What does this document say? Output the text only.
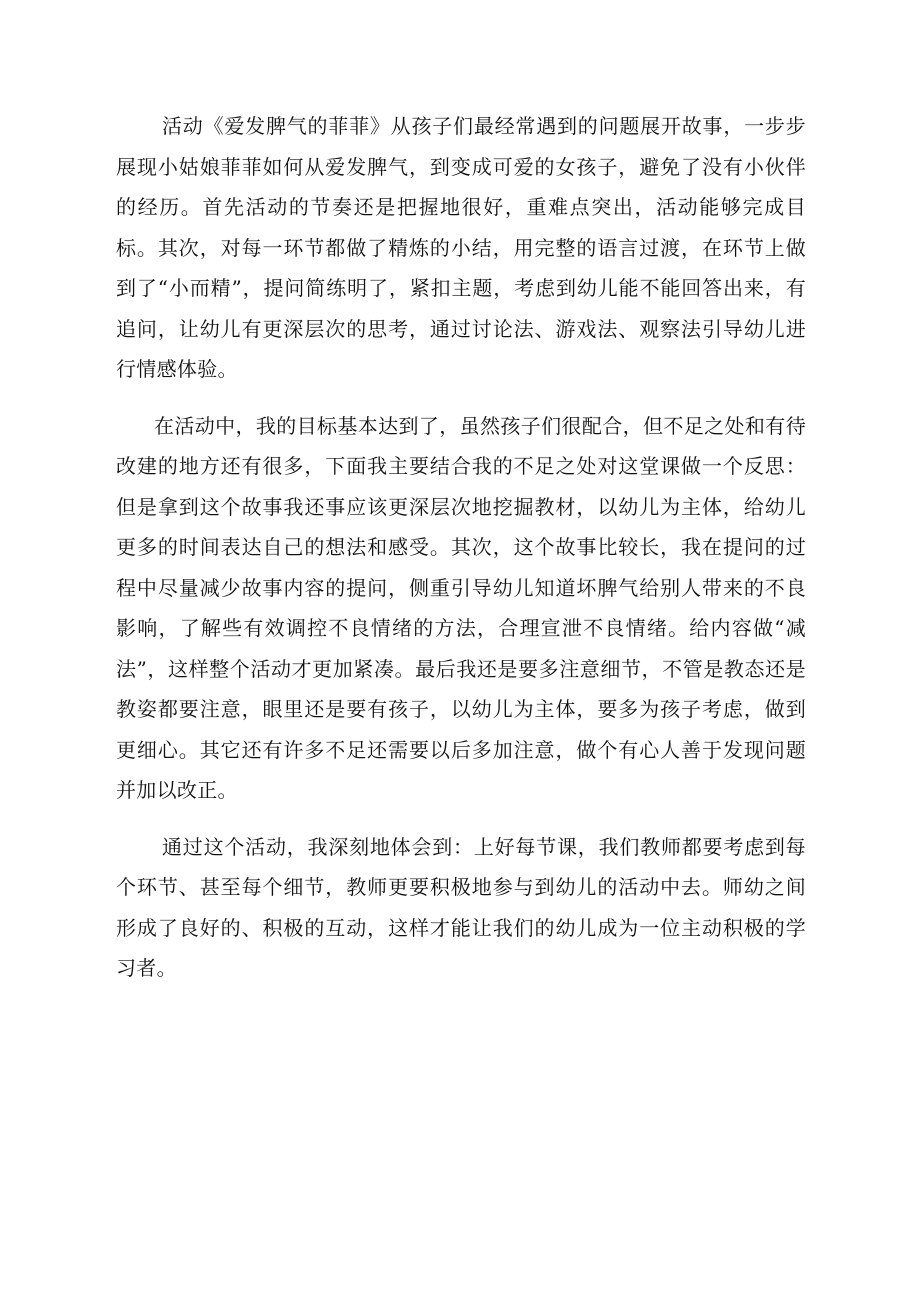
活动《爱发脾气的菲菲》从孩子们最经常遇到的问题展开故事，一步步展现小姑娘菲菲如何从爱发脾气，到变成可爱的女孩子，避免了没有小伙伴的经历。首先活动的节奏还是把握地很好，重难点突出，活动能够完成目标。其次，对每一环节都做了精炼的小结，用完整的语言过渡，在环节上做到了“小而精”，提问简练明了，紧扣主题，考虑到幼儿能不能回答出来，有追问，让幼儿有更深层次的思考，通过讨论法、游戏法、观察法引导幼儿进行情感体验。

在活动中，我的目标基本达到了，虽然孩子们很配合，但不足之处和有待改建的地方还有很多，下面我主要结合我的不足之处对这堂课做一个反思：但是拿到这个故事我还事应该更深层次地挖掘教材，以幼儿为主体，给幼儿更多的时间表达自己的想法和感受。其次，这个故事比较长，我在提问的过程中尽量减少故事内容的提问，侧重引导幼儿知道坏脾气给别人带来的不良影响，了解些有效调控不良情绪的方法，合理宣泄不良情绪。给内容做“减法”，这样整个活动才更加紧凑。最后我还是要多注意细节，不管是教态还是教姿都要注意，眼里还是要有孩子，以幼儿为主体，要多为孩子考虑，做到更细心。其它还有许多不足还需要以后多加注意，做个有心人善于发现问题并加以改正。

通过这个活动，我深刻地体会到：上好每节课，我们教师都要考虑到每个环节、甚至每个细节，教师更要积极地参与到幼儿的活动中去。师幼之间形成了良好的、积极的互动，这样才能让我们的幼儿成为一位主动积极的学习者。
